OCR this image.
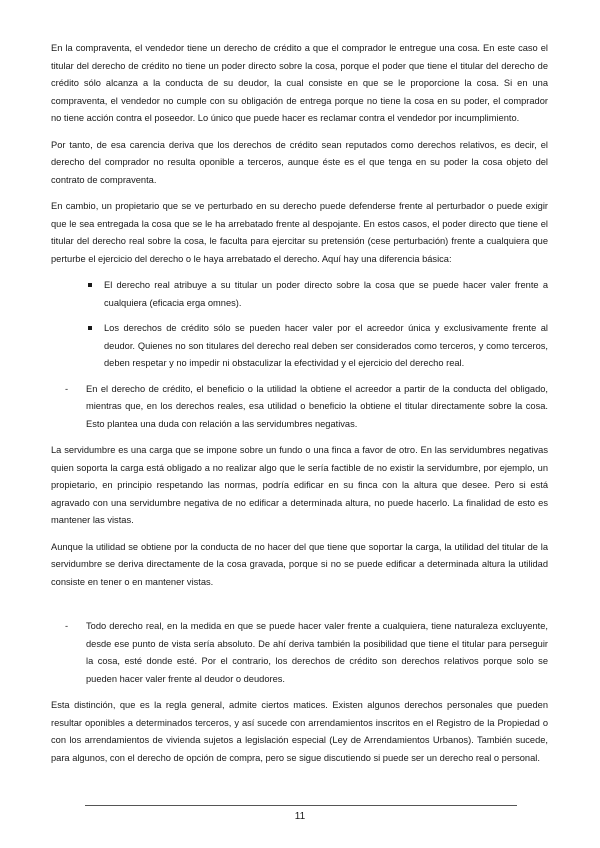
En la compraventa, el vendedor tiene un derecho de crédito a que el comprador le entregue una cosa. En este caso el titular del derecho de crédito no tiene un poder directo sobre la cosa, porque el poder que tiene el titular del derecho de crédito sólo alcanza a la conducta de su deudor, la cual consiste en que se le proporcione la cosa. Si en una compraventa, el vendedor no cumple con su obligación de entrega porque no tiene la cosa en su poder, el comprador no tiene acción contra el poseedor. Lo único que puede hacer es reclamar contra el vendedor por incumplimiento.

Por tanto, de esa carencia deriva que los derechos de crédito sean reputados como derechos relativos, es decir, el derecho del comprador no resulta oponible a terceros, aunque éste es el que tenga en su poder la cosa objeto del contrato de compraventa.

En cambio, un propietario que se ve perturbado en su derecho puede defenderse frente al perturbador o puede exigir que le sea entregada la cosa que se le ha arrebatado frente al despojante. En estos casos, el poder directo que tiene el titular del derecho real sobre la cosa, le faculta para ejercitar su pretensión (cese perturbación) frente a cualquiera que perturbe el ejercicio del derecho o le haya arrebatado el derecho. Aquí hay una diferencia básica:

El derecho real atribuye a su titular un poder directo sobre la cosa que se puede hacer valer frente a cualquiera (eficacia erga omnes).
Los derechos de crédito sólo se pueden hacer valer por el acreedor única y exclusivamente frente al deudor. Quienes no son titulares del derecho real deben ser considerados como terceros, y como terceros, deben respetar y no impedir ni obstaculizar la efectividad y el ejercicio del derecho real.
- En el derecho de crédito, el beneficio o la utilidad la obtiene el acreedor a partir de la conducta del obligado, mientras que, en los derechos reales, esa utilidad o beneficio la obtiene el titular directamente sobre la cosa. Esto plantea una duda con relación a las servidumbres negativas.

La servidumbre es una carga que se impone sobre un fundo o una finca a favor de otro. En las servidumbres negativas quien soporta la carga está obligado a no realizar algo que le sería factible de no existir la servidumbre, por ejemplo, un propietario, en principio respetando las normas, podría edificar en su finca con la altura que desee. Pero si está agravado con una servidumbre negativa de no edificar a determinada altura, no puede hacerlo. La finalidad de esto es mantener las vistas.

Aunque la utilidad se obtiene por la conducta de no hacer del que tiene que soportar la carga, la utilidad del titular de la servidumbre se deriva directamente de la cosa gravada, porque si no se puede edificar a determinada altura la utilidad consiste en tener o en mantener vistas.

- Todo derecho real, en la medida en que se puede hacer valer frente a cualquiera, tiene naturaleza excluyente, desde ese punto de vista sería absoluto. De ahí deriva también la posibilidad que tiene el titular para perseguir la cosa, esté donde esté. Por el contrario, los derechos de crédito son derechos relativos porque solo se pueden hacer valer frente al deudor o deudores.

Esta distinción, que es la regla general, admite ciertos matices. Existen algunos derechos personales que pueden resultar oponibles a determinados terceros, y así sucede con arrendamientos inscritos en el Registro de la Propiedad o con los arrendamientos de vivienda sujetos a legislación especial (Ley de Arrendamientos Urbanos). También sucede, para algunos, con el derecho de opción de compra, pero se sigue discutiendo si puede ser un derecho real o personal.

11
